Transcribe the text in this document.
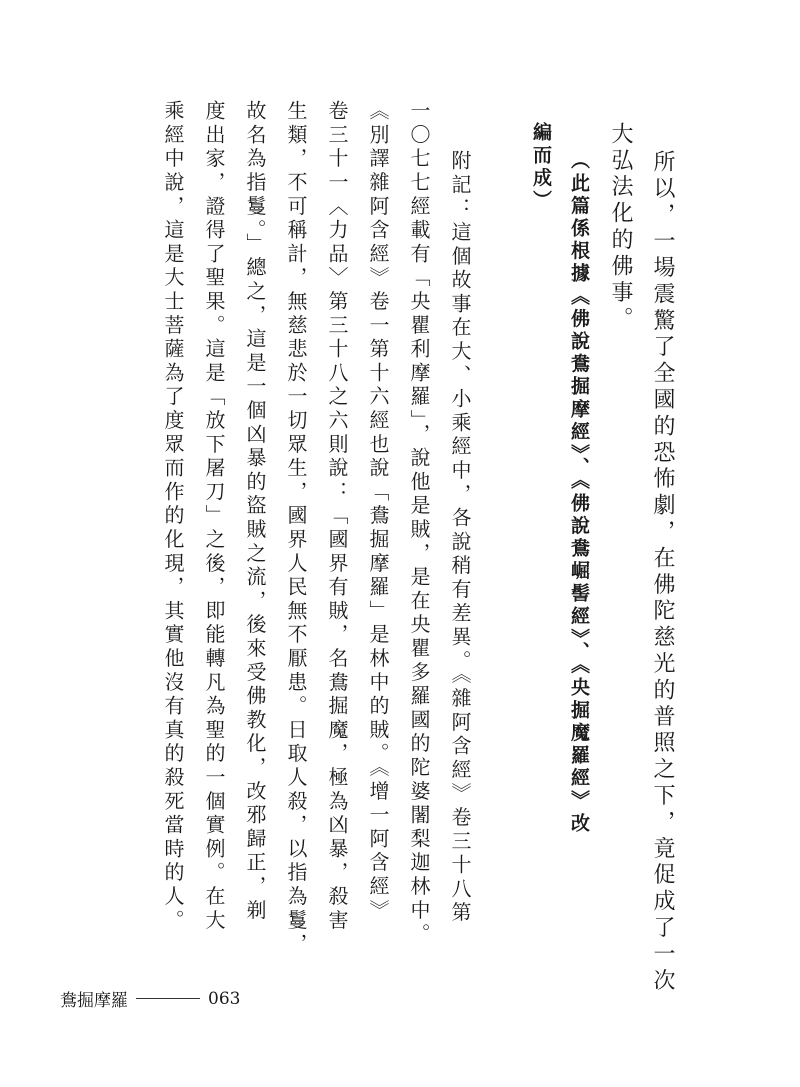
所以，一場震驚了全國的恐怖劇，在佛陀慈光的普照之下，竟促成了一次
大弘法化的佛事。
（此篇係根據《佛說鴦掘摩經》、《佛說鴦崛髻經》、《央掘魔羅經》改
編而成）
附記：這個故事在大、小乘經中，各說稍有差異。《雜阿含經》卷三十八第
一〇七七經載有「央瞿利摩羅」，說他是賊，是在央瞿多羅國的陀婆闍梨迦林中。
《別譯雜阿含經》卷一第十六經也說「鴦掘摩羅」是林中的賊。《增一阿含經》
卷三十一〈力品〉第三十八之六則說：「國界有賊，名鴦掘魔，極為凶暴，殺害
生類，不可稱計，無慈悲於一切眾生，國界人民無不厭患。日取人殺，以指為鬘，
故名為指鬘。」總之，這是一個凶暴的盜賊之流，後來受佛教化，改邪歸正，剃
度出家，證得了聖果。這是「放下屠刀」之後，即能轉凡為聖的一個實例。在大
乘經中說，這是大士菩薩為了度眾而作的化現，其實他沒有真的殺死當時的人。
鴦掘摩羅	063
